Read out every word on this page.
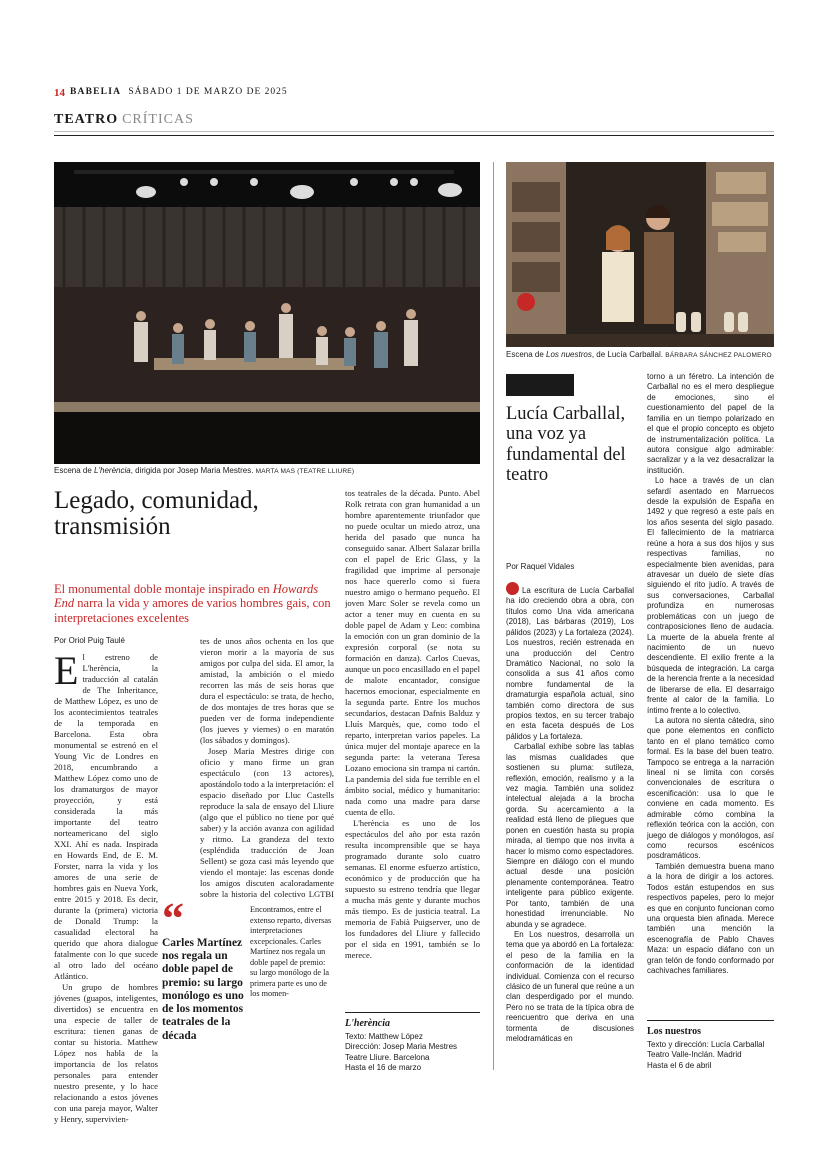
14 BABELIA SÁBADO 1 DE MARZO DE 2025
TEATRO CRÍTICAS
Escena de L'herència, dirigida por Josep Maria Mestres. MARTA MAS (TEATRE LLIURE)
Escena de Los nuestros, de Lucía Carballal. BÁRBARA SÁNCHEZ PALOMERO
Legado, comunidad, transmisión
El monumental doble montaje inspirado en Howards End narra la vida y amores de varios hombres gais, con interpretaciones excelentes
Por Oriol Puig Taulé

El estreno de L'herència, la traducción al catalán de The Inheritance, de Matthew López, es uno de los acontecimientos teatrales de la temporada en Barcelona. Esta obra monumental se estrenó en el Young Vic de Londres en 2018, encumbrando a Matthew López como uno de los dramaturgos de mayor proyección, y está considerada la más importante del teatro norteamericano del siglo XXI. Ahí es nada. Inspirada en Howards End, de E. M. Forster, narra la vida y los amores de una serie de hombres gais en Nueva York, entre 2015 y 2018. Es decir, durante la (primera) victoria de Donald Trump: la casualidad electoral ha querido que ahora dialogue fatalmente con lo que sucede al otro lado del océano Atlántico.

Un grupo de hombres jóvenes (guapos, inteligentes, divertidos) se encuentra en una especie de taller de escritura: tienen ganas de contar su historia. Matthew López nos habla de la importancia de los relatos personales para entender nuestro presente, y lo hace relacionando a estos jóvenes con una pareja mayor, Walter y Henry, supervivien-

tes de unos años ochenta en los que vieron morir a la mayoría de sus amigos por culpa del sida. El amor, la amistad, la ambición o el miedo recorren las más de seis horas que dura el espectáculo: se trata, de hecho, de dos montajes de tres horas que se pueden ver de forma independiente (los jueves y viernes) o en maratón (los sábados y domingos).

Josep Maria Mestres dirige con oficio y mano firme un gran espectáculo (con 13 actores), apostándolo todo a la interpretación: el espacio diseñado por Lluc Castells reproduce la sala de ensayo del Lliure (algo que el público no tiene por qué saber) y la acción avanza con agilidad y ritmo. La grandeza del texto (espléndida traducción de Joan Sellent) se goza casi más leyendo que viendo el montaje: las escenas donde los amigos discuten acaloradamente sobre la historia del colectivo LGTBI

Encontramos, entre el extenso reparto, diversas interpretaciones excepcionales. Carles Martínez nos regala un doble papel de premio: su largo monólogo de la primera parte es uno de los momen-

“
Carles Martínez nos regala un doble papel de premio: su largo monólogo es uno de los momentos teatrales de la década

tos teatrales de la década. Punto. Abel Rolk retrata con gran humanidad a un hombre aparentemente triunfador que no puede ocultar un miedo atroz, una herida del pasado que nunca ha conseguido sanar. Albert Salazar brilla con el papel de Eric Glass, y la fragilidad que imprime al personaje nos hace quererlo como si fuera nuestro amigo o hermano pequeño. El joven Marc Soler se revela como un actor a tener muy en cuenta en su doble papel de Adam y Leo: combina la emoción con un gran dominio de la expresión corporal (se nota su formación en danza). Carlos Cuevas, aunque un poco encasillado en el papel de malote encantador, consigue hacernos emocionar, especialmente en la segunda parte. Entre los muchos secundarios, destacan Dafnis Balduz y Lluís Marquès, que, como todo el reparto, interpretan varios papeles. La única mujer del montaje aparece en la segunda parte: la veterana Teresa Lozano emociona sin trampa ni cartón. La pandemia del sida fue terrible en el ámbito social, médico y humanitario: nada como una madre para darse cuenta de ello.

L'herència es uno de los espectáculos del año por esta razón resulta incomprensible que se haya programado durante solo cuatro semanas. El enorme esfuerzo artístico, económico y de producción que ha supuesto su estreno tendría que llegar a mucha más gente y durante muchos más tiempo. Es de justicia teatral. La memoria de Fabià Puigserver, uno de los fundadores del Lliure y fallecido por el sida en 1991, también se lo merece.

L'herència
Texto: Matthew López
Dirección: Josep Maria Mestres
Teatre Lliure. Barcelona
Hasta el 16 de marzo
Lucía Carballal, una voz ya fundamental del teatro
Por Raquel Vidales

La escritura de Lucía Carballal ha ido creciendo obra a obra, con títulos como Una vida americana (2018), Las bárbaras (2019), Los pálidos (2023) y La fortaleza (2024). Los nuestros, recién estrenada en una producción del Centro Dramático Nacional, no solo la consolida a sus 41 años como nombre fundamental de la dramaturgia española actual, sino también como directora de sus propios textos, en su tercer trabajo en esta faceta después de Los pálidos y La fortaleza.

Carballal exhibe sobre las tablas las mismas cualidades que sostienen su pluma: sutileza, reflexión, emoción, realismo y a la vez magia. También una solidez intelectual alejada a la brocha gorda. Su acercamiento a la realidad está lleno de pliegues que ponen en cuestión hasta su propia mirada, al tiempo que nos invita a hacer lo mismo como espectadores. Siempre en diálogo con el mundo actual desde una posición plenamente contemporánea. Teatro inteligente para público exigente. Por tanto, también de una honestidad irrenunciable. No abunda y se agradece.

En Los nuestros, desarrolla un tema que ya abordó en La fortaleza: el peso de la familia en la conformación de la identidad individual. Comienza con el recurso clásico de un funeral que reúne a un clan desperdigado por el mundo. Pero no se trata de la típica obra de reencuentro que deriva en una tormenta de discusiones melodramáticas en

torno a un féretro. La intención de Carballal no es el mero despliegue de emociones, sino el cuestionamiento del papel de la familia en un tiempo polarizado en el que el propio concepto es objeto de instrumentalización política. La autora consigue algo admirable: sacralizar y a la vez desacralizar la institución.

Lo hace a través de un clan sefardí asentado en Marruecos desde la expulsión de España en 1492 y que regresó a este país en los años sesenta del siglo pasado. El fallecimiento de la matriarca reúne a hora a sus dos hijos y sus respectivas familias, no especialmente bien avenidas, para atravesar un duelo de siete días siguiendo el rito judío. A través de sus conversaciones, Carballal profundiza en numerosas problemáticas con un juego de contraposiciones lleno de audacia. La muerte de la abuela frente al nacimiento de un nuevo descendiente. El exilio frente a la búsqueda de integración. La carga de la herencia frente a la necesidad de liberarse de ella. El desarraigo frente al calor de la familia. Lo íntimo frente a lo colectivo.

La autora no sienta cátedra, sino que pone elementos en conflicto tanto en el plano temático como formal. Es la base del buen teatro. Tampoco se entrega a la narración lineal ni se limita con corsés convencionales de escritura o escenificación: usa lo que le conviene en cada momento. Es admirable cómo combina la reflexión teórica con la acción, con juego de diálogos y monólogos, así como recursos escénicos posdramáticos.

También demuestra buena mano a la hora de dirigir a los actores. Todos están estupendos en sus respectivos papeles, pero lo mejor es que en conjunto funcionan como una orquesta bien afinada. Merece también una mención la escenografía de Pablo Chaves Maza: un espacio diáfano con un gran telón de fondo conformado por cachivaches familiares.

Los nuestros
Texto y dirección: Lucía Carballal
Teatro Valle-Inclán. Madrid
Hasta el 6 de abril
